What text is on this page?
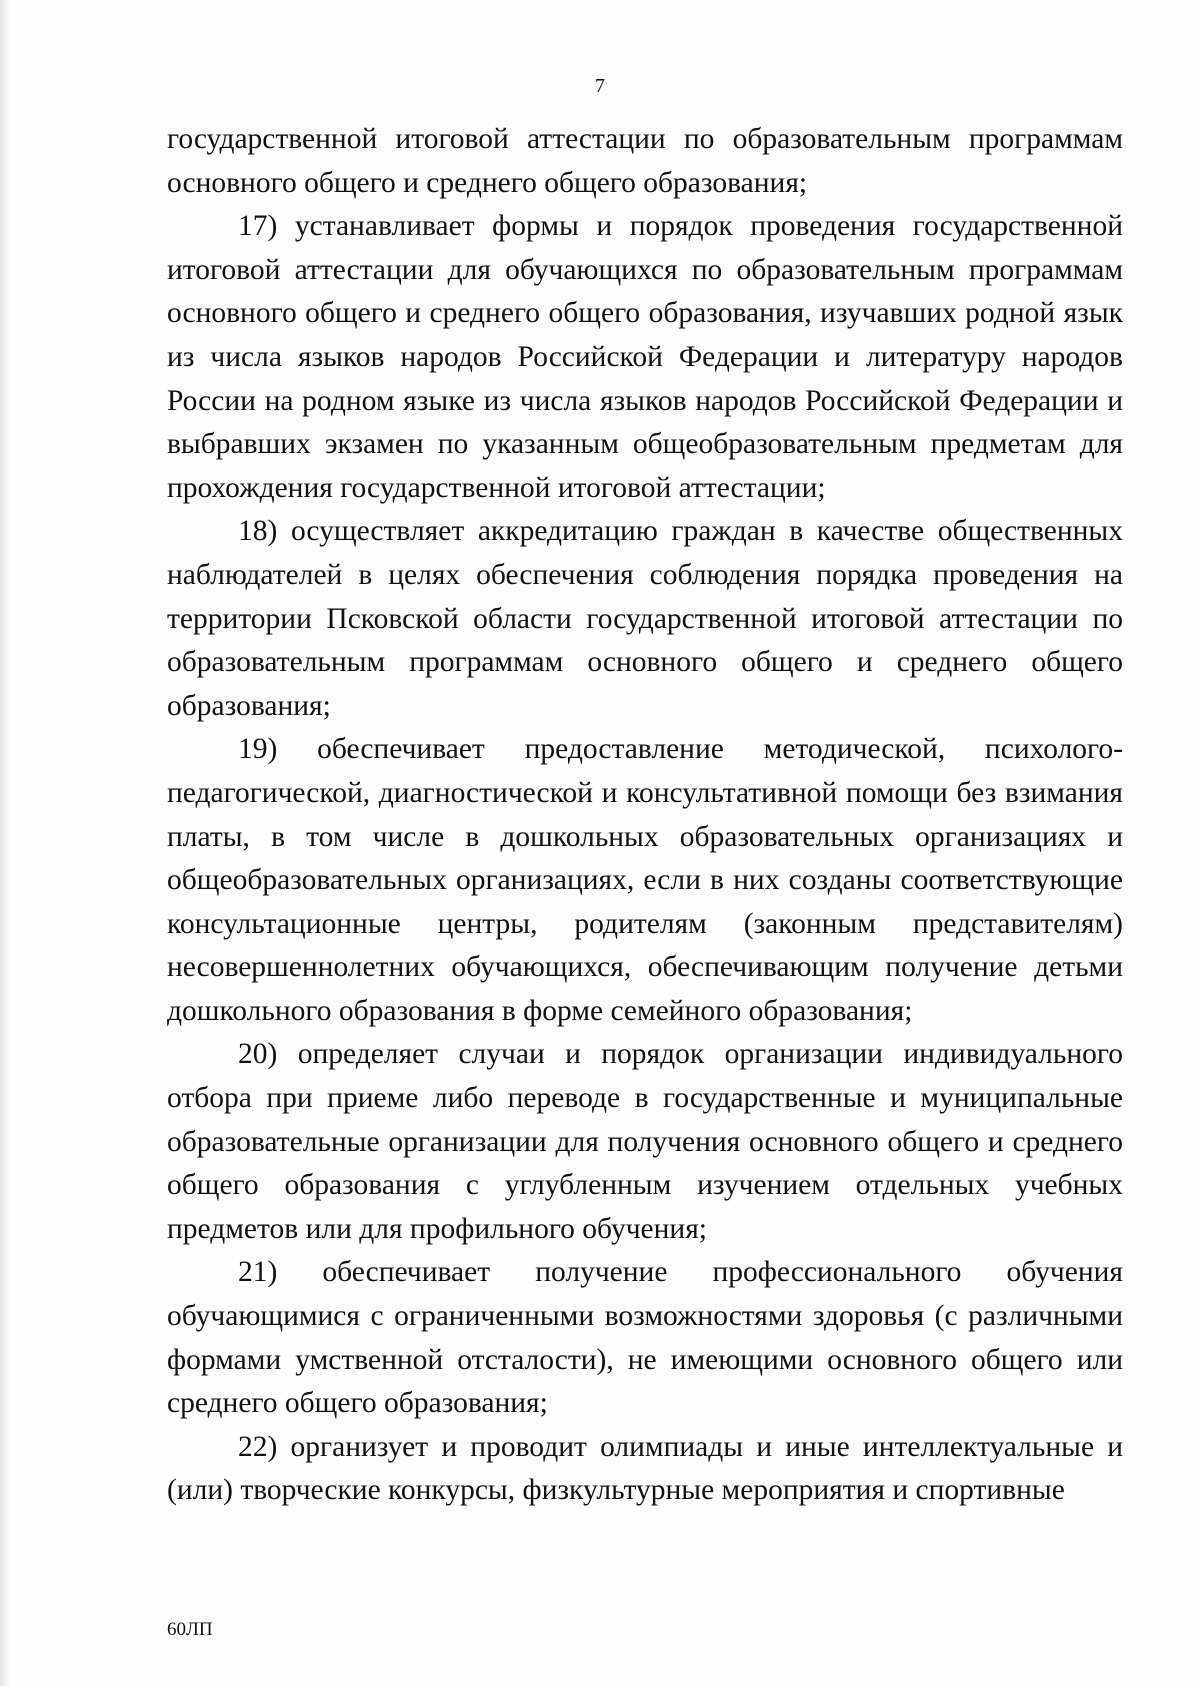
7

государственной итоговой аттестации по образовательным программам основного общего и среднего общего образования;

17) устанавливает формы и порядок проведения государственной итоговой аттестации для обучающихся по образовательным программам основного общего и среднего общего образования, изучавших родной язык из числа языков народов Российской Федерации и литературу народов России на родном языке из числа языков народов Российской Федерации и выбравших экзамен по указанным общеобразовательным предметам для прохождения государственной итоговой аттестации;

18) осуществляет аккредитацию граждан в качестве общественных наблюдателей в целях обеспечения соблюдения порядка проведения на территории Псковской области государственной итоговой аттестации по образовательным программам основного общего и среднего общего образования;

19) обеспечивает предоставление методической, психолого-педагогической, диагностической и консультативной помощи без взимания платы, в том числе в дошкольных образовательных организациях и общеобразовательных организациях, если в них созданы соответствующие консультационные центры, родителям (законным представителям) несовершеннолетних обучающихся, обеспечивающим получение детьми дошкольного образования в форме семейного образования;

20) определяет случаи и порядок организации индивидуального отбора при приеме либо переводе в государственные и муниципальные образовательные организации для получения основного общего и среднего общего образования с углубленным изучением отдельных учебных предметов или для профильного обучения;

21) обеспечивает получение профессионального обучения обучающимися с ограниченными возможностями здоровья (с различными формами умственной отсталости), не имеющими основного общего или среднего общего образования;

22) организует и проводит олимпиады и иные интеллектуальные и (или) творческие конкурсы, физкультурные мероприятия и спортивные

60ЛП
